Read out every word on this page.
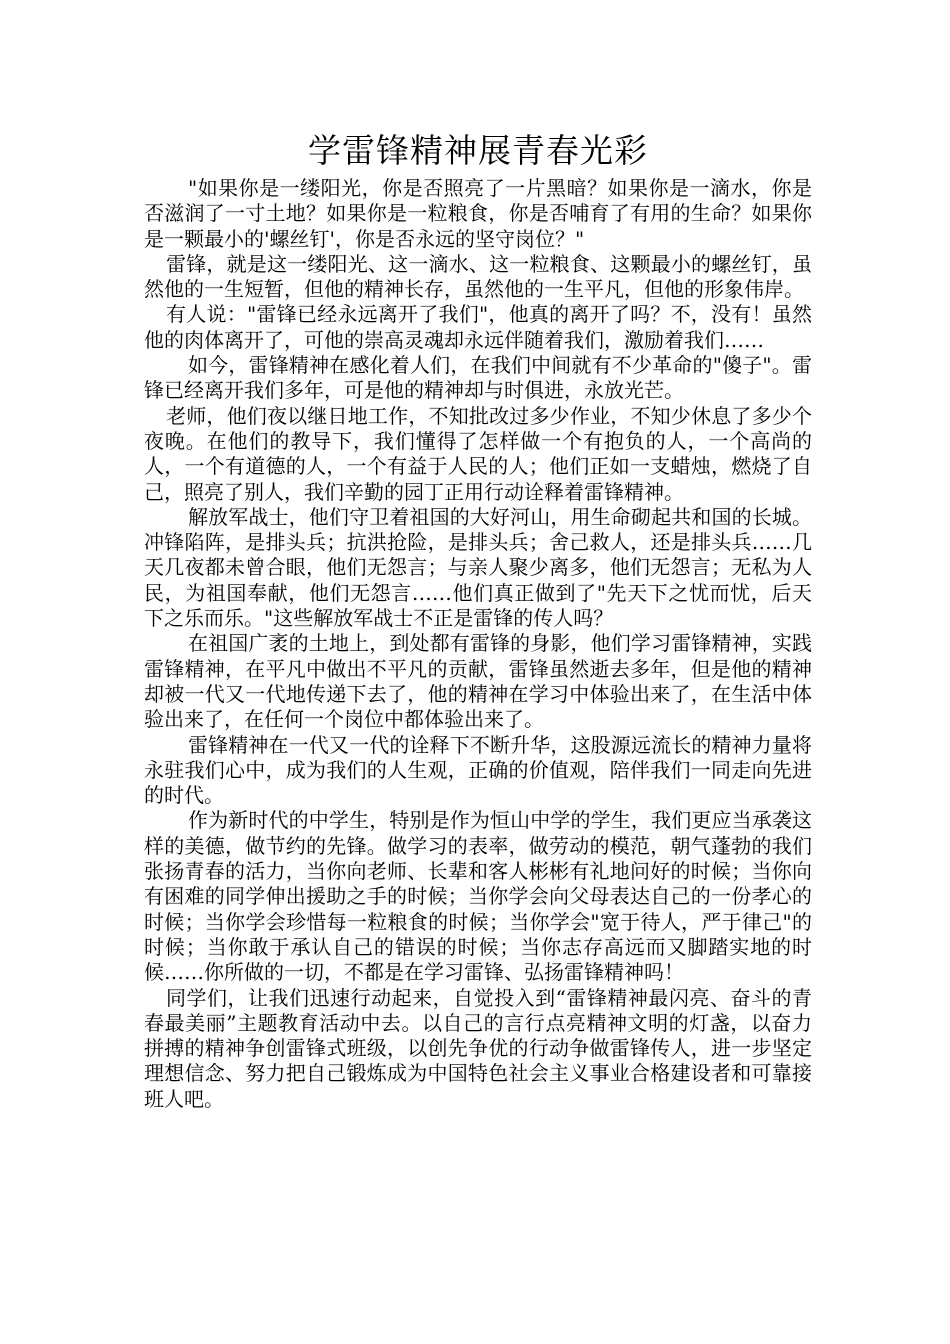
学雷锋精神展青春光彩

"如果你是一缕阳光，你是否照亮了一片黑暗？如果你是一滴水，你是否滋润了一寸土地？如果你是一粒粮食，你是否哺育了有用的生命？如果你是一颗最小的'螺丝钉'，你是否永远的坚守岗位？"

雷锋，就是这一缕阳光、这一滴水、这一粒粮食、这颗最小的螺丝钉，虽然他的一生短暂，但他的精神长存，虽然他的一生平凡，但他的形象伟岸。

有人说："雷锋已经永远离开了我们"，他真的离开了吗？不，没有！虽然他的肉体离开了，可他的崇高灵魂却永远伴随着我们，激励着我们……

如今，雷锋精神在感化着人们，在我们中间就有不少革命的"傻子"。雷锋已经离开我们多年，可是他的精神却与时俱进，永放光芒。

老师，他们夜以继日地工作，不知批改过多少作业，不知少休息了多少个夜晚。在他们的教导下，我们懂得了怎样做一个有抱负的人，一个高尚的人，一个有道德的人，一个有益于人民的人；他们正如一支蜡烛，燃烧了自己，照亮了别人，我们辛勤的园丁正用行动诠释着雷锋精神。

解放军战士，他们守卫着祖国的大好河山，用生命砌起共和国的长城。冲锋陷阵，是排头兵；抗洪抢险，是排头兵；舍己救人，还是排头兵……几天几夜都未曾合眼，他们无怨言；与亲人聚少离多，他们无怨言；无私为人民，为祖国奉献，他们无怨言……他们真正做到了"先天下之忧而忧，后天下之乐而乐。"这些解放军战士不正是雷锋的传人吗？

在祖国广袤的土地上，到处都有雷锋的身影，他们学习雷锋精神，实践雷锋精神，在平凡中做出不平凡的贡献，雷锋虽然逝去多年，但是他的精神却被一代又一代地传递下去了，他的精神在学习中体验出来了，在生活中体验出来了，在任何一个岗位中都体验出来了。

雷锋精神在一代又一代的诠释下不断升华，这股源远流长的精神力量将永驻我们心中，成为我们的人生观，正确的价值观，陪伴我们一同走向先进的时代。

作为新时代的中学生，特别是作为恒山中学的学生，我们更应当承袭这样的美德，做节约的先锋。做学习的表率，做劳动的模范，朝气蓬勃的我们张扬青春的活力，当你向老师、长辈和客人彬彬有礼地问好的时候；当你向有困难的同学伸出援助之手的时候；当你学会向父母表达自己的一份孝心的时候；当你学会珍惜每一粒粮食的时候；当你学会"宽于待人，严于律己"的时候；当你敢于承认自己的错误的时候；当你志存高远而又脚踏实地的时候……你所做的一切，不都是在学习雷锋、弘扬雷锋精神吗！

同学们，让我们迅速行动起来，自觉投入到“雷锋精神最闪亮、奋斗的青春最美丽”主题教育活动中去。以自己的言行点亮精神文明的灯盏，以奋力拼搏的精神争创雷锋式班级，以创先争优的行动争做雷锋传人，进一步坚定理想信念、努力把自己锻炼成为中国特色社会主义事业合格建设者和可靠接班人吧。
